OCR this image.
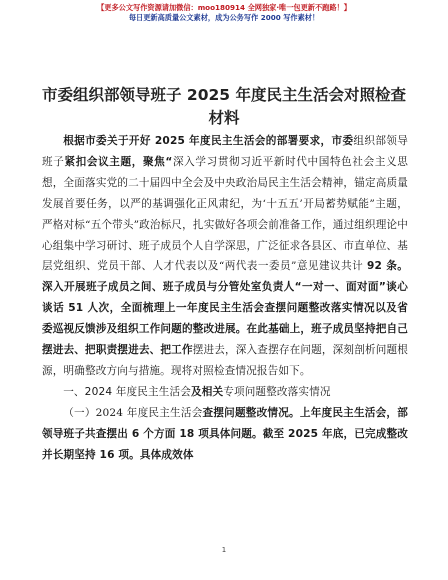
【更多公文写作资源请加微信：moo180914 全网独家·唯一包更新不跑路！】
每日更新高质量公文素材，成为公务写作 2000 写作素材！
市委组织部领导班子 2025 年度民主生活会对照检查材料

根据市委关于开好 2025 年度民主生活会的部署要求，市委组织部领导班子紧扣会议主题，聚焦“深入学习贯彻习近平新时代中国特色社会主义思想，全面落实党的二十届四中全会及中央政治局民主生活会精神，锚定高质量发展首要任务，以严的基调强化正风肃纪，为‘十五五’开局蓄势赋能”主题，严格对标“五个带头”政治标尺，扎实做好各项会前准备工作，通过组织理论中心组集中学习研讨、班子成员个人自学深思，广泛征求各县区、市直单位、基层党组织、党员干部、人才代表以及“两代表一委员”意见建议共计 92 条。深入开展班子成员之间、班子成员与分管处室负责人“一对一、面对面”谈心谈话 51 人次，全面梳理上一年度民主生活会查摆问题整改落实情况以及省委巡视反馈涉及组织工作问题的整改进展。在此基础上，班子成员坚持把自己摆进去、把职责摆进去、把工作摆进去，深入查摆存在问题，深刻剖析问题根源，明确整改方向与措施。现将对照检查情况报告如下。

一、2024 年度民主生活会及相关专项问题整改落实情况

（一）2024 年度民主生活会查摆问题整改情况。上年度民主生活会，部领导班子共查摆出 6 个方面 18 项具体问题。截至 2025 年底，已完成整改并长期坚持 16 项。具体成效体

1
